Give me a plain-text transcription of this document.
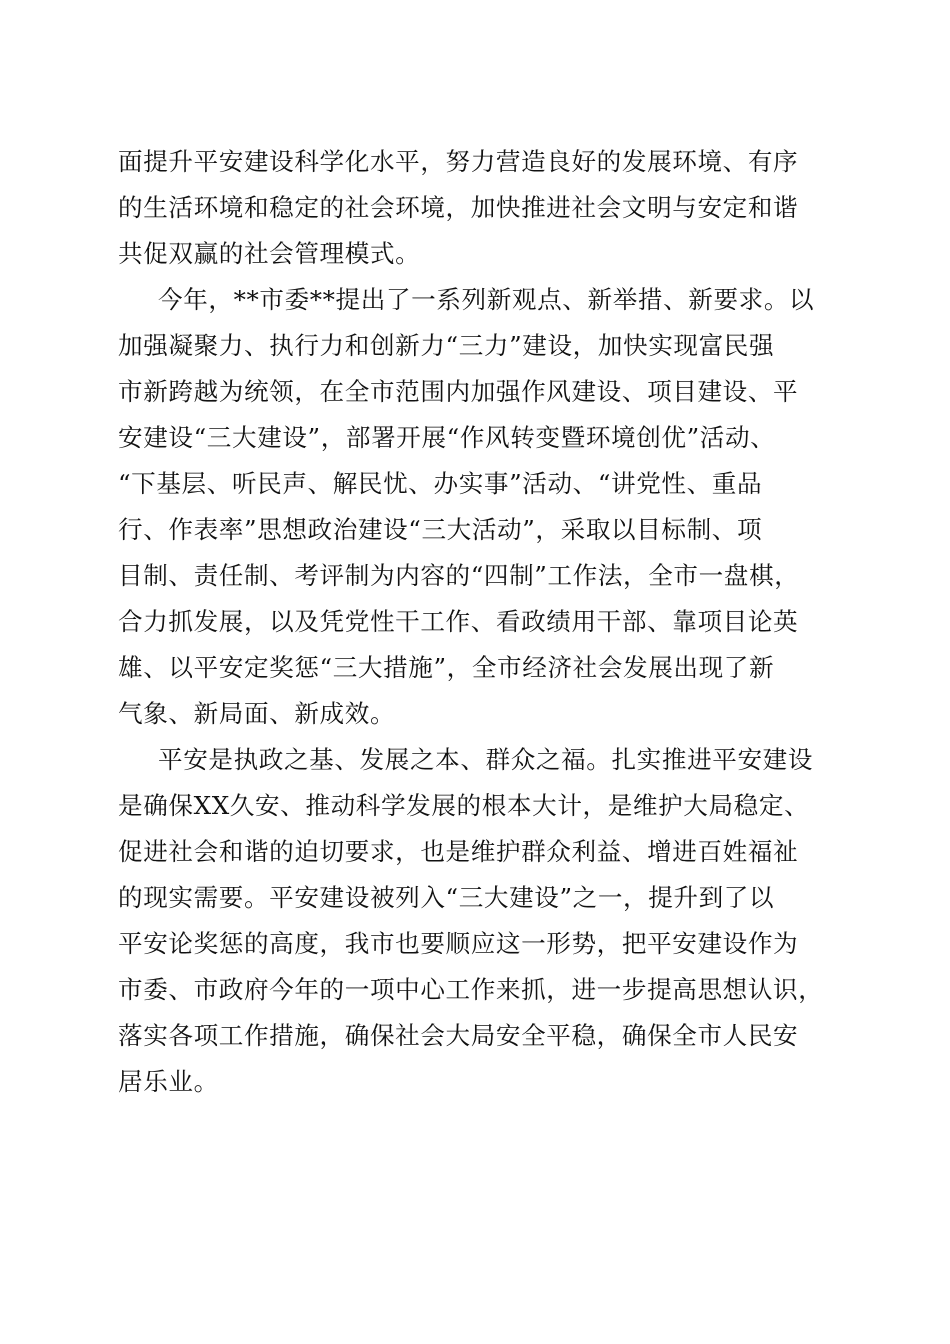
面提升平安建设科学化水平，努力营造良好的发展环境、有序
的生活环境和稳定的社会环境，加快推进社会文明与安定和谐
共促双赢的社会管理模式。
今年，**市委**提出了一系列新观点、新举措、新要求。以
加强凝聚力、执行力和创新力“三力”建设，加快实现富民强
市新跨越为统领，在全市范围内加强作风建设、项目建设、平
安建设“三大建设”，部署开展“作风转变暨环境创优”活动、
“下基层、听民声、解民忧、办实事”活动、“讲党性、重品
行、作表率”思想政治建设“三大活动”，采取以目标制、项
目制、责任制、考评制为内容的“四制”工作法，全市一盘棋，
合力抓发展，以及凭党性干工作、看政绩用干部、靠项目论英
雄、以平安定奖惩“三大措施”，全市经济社会发展出现了新
气象、新局面、新成效。
平安是执政之基、发展之本、群众之福。扎实推进平安建设
是确保XX久安、推动科学发展的根本大计，是维护大局稳定、
促进社会和谐的迫切要求，也是维护群众利益、增进百姓福祉
的现实需要。平安建设被列入“三大建设”之一，提升到了以
平安论奖惩的高度，我市也要顺应这一形势，把平安建设作为
市委、市政府今年的一项中心工作来抓，进一步提高思想认识，
落实各项工作措施，确保社会大局安全平稳，确保全市人民安
居乐业。
